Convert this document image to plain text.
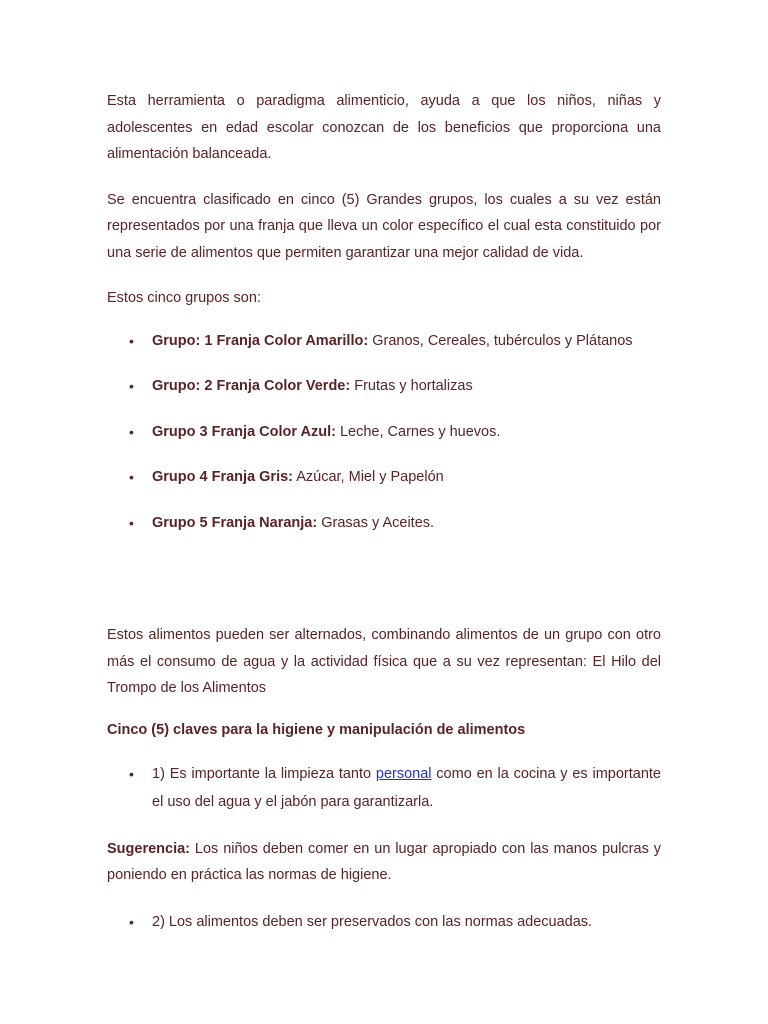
Esta herramienta o paradigma alimenticio, ayuda a que los niños, niñas y adolescentes en edad escolar conozcan de los beneficios que proporciona una alimentación balanceada.

Se encuentra clasificado en cinco (5) Grandes grupos, los cuales a su vez están representados por una franja que lleva un color específico el cual esta constituido por una serie de alimentos que permiten garantizar una mejor calidad de vida.

Estos cinco grupos son:

• Grupo: 1 Franja Color Amarillo: Granos, Cereales, tubérculos y Plátanos
• Grupo: 2 Franja Color Verde: Frutas y hortalizas
• Grupo 3 Franja Color Azul: Leche, Carnes y huevos.
• Grupo 4 Franja Gris: Azúcar, Miel y Papelón
• Grupo 5 Franja Naranja: Grasas y Aceites.

Estos alimentos pueden ser alternados, combinando alimentos de un grupo con otro más el consumo de agua y la actividad física que a su vez representan: El Hilo del Trompo de los Alimentos

Cinco (5) claves para la higiene y manipulación de alimentos
• 1) Es importante la limpieza tanto personal como en la cocina y es importante el uso del agua y el jabón para garantizarla.

Sugerencia: Los niños deben comer en un lugar apropiado con las manos pulcras y poniendo en práctica las normas de higiene.

• 2) Los alimentos deben ser preservados con las normas adecuadas.
